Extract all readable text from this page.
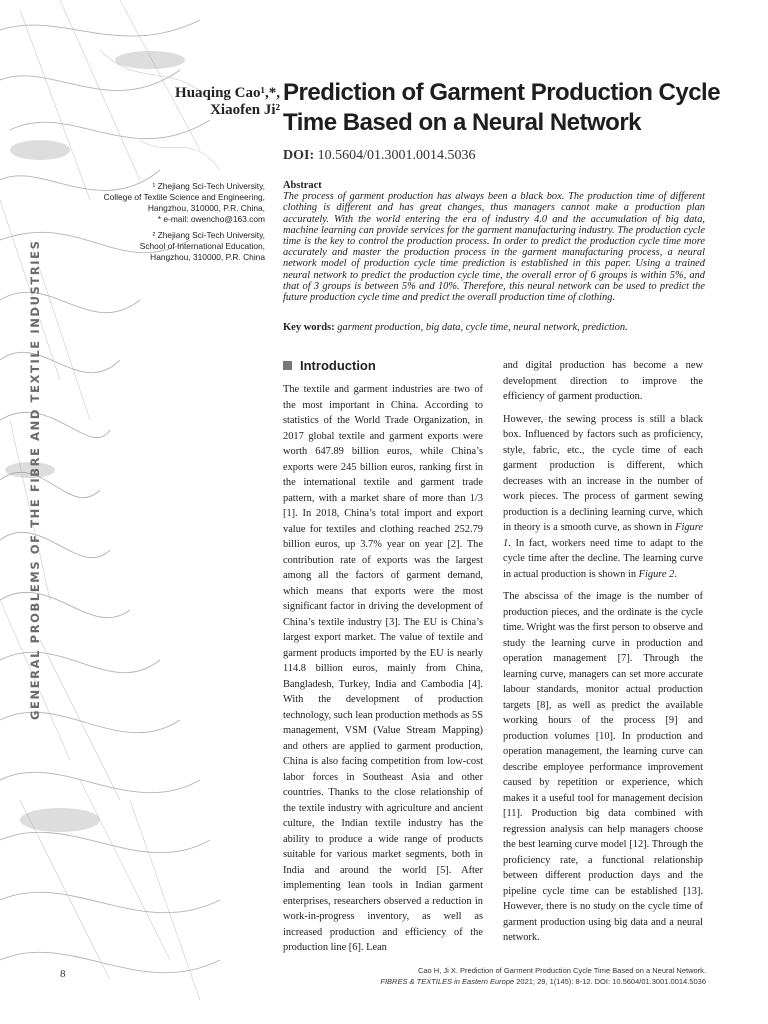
GENERAL PROBLEMS OF THE FIBRE AND TEXTILE INDUSTRIES
Huaqing Cao¹,*,
Xiaofen Ji²
Prediction of Garment Production Cycle Time Based on a Neural Network
DOI: 10.5604/01.3001.0014.5036
¹ Zhejiang Sci-Tech University,
College of Textile Science and Engineering,
Hangzhou, 310000, P.R. China,
* e-mail: owencho@163.com
² Zhejiang Sci-Tech University,
School of International Education,
Hangzhou, 310000, P.R. China
Abstract
The process of garment production has always been a black box. The production time of different clothing is different and has great changes, thus managers cannot make a production plan accurately. With the world entering the era of industry 4.0 and the accumulation of big data, machine learning can provide services for the garment manufacturing industry. The production cycle time is the key to control the production process. In order to predict the production cycle time more accurately and master the production process in the garment manufacturing process, a neural network model of production cycle time prediction is established in this paper. Using a trained neural network to predict the production cycle time, the overall error of 6 groups is within 5%, and that of 3 groups is between 5% and 10%. Therefore, this neural network can be used to predict the future production cycle time and predict the overall production time of clothing.
Key words: garment production, big data, cycle time, neural network, prediction.
Introduction

The textile and garment industries are two of the most important in China. According to statistics of the World Trade Organization, in 2017 global textile and garment exports were worth 647.89 billion euros, while China’s exports were 245 billion euros, ranking first in the international textile and garment trade pattern, with a market share of more than 1/3 [1]. In 2018, China’s total import and export value for textiles and clothing reached 252.79 billion euros, up 3.7% year on year [2]. The contribution rate of exports was the largest among all the factors of garment demand, which means that exports were the most significant factor in driving the development of China’s textile industry [3]. The EU is China’s largest export market. The value of textile and garment products imported by the EU is nearly 114.8 billion euros, mainly from China, Bangladesh, Turkey, India and Cambodia [4]. With the development of production technology, such lean production methods as 5S management, VSM (Value Stream Mapping) and others are applied to garment production, China is also facing competition from low-cost labor forces in Southeast Asia and other countries. Thanks to the close relationship of the textile industry with agriculture and ancient culture, the Indian textile industry has the ability to produce a wide range of products suitable for various market segments, both in India and around the world [5]. After implementing lean tools in Indian garment enterprises, researchers observed a reduction in work-in-progress inventory, as well as increased production and efficiency of the production line [6]. Lean

and digital production has become a new development direction to improve the efficiency of garment production.

However, the sewing process is still a black box. Influenced by factors such as proficiency, style, fabric, etc., the cycle time of each garment production is different, which decreases with an increase in the number of work pieces. The process of garment sewing production is a declining learning curve, which in theory is a smooth curve, as shown in Figure 1. In fact, workers need time to adapt to the cycle time after the decline. The learning curve in actual production is shown in Figure 2.

The abscissa of the image is the number of production pieces, and the ordinate is the cycle time. Wright was the first person to observe and study the learning curve in production and operation management [7]. Through the learning curve, managers can set more accurate labour standards, monitor actual production targets [8], as well as predict the available working hours of the process [9] and production volumes [10]. In production and operation management, the learning curve can describe employee performance improvement caused by repetition or experience, which makes it a useful tool for management decision [11]. Production big data combined with regression analysis can help managers choose the best learning curve model [12]. Through the proficiency rate, a functional relationship between different production days and the pipeline cycle time can be established [13]. However, there is no study on the cycle time of garment production using big data and a neural network.

8	Cao H, Ji X. Prediction of Garment Production Cycle Time Based on a Neural Network.
FIBRES & TEXTILES in Eastern Europe 2021; 29, 1(145): 8-12. DOI: 10.5604/01.3001.0014.5036
